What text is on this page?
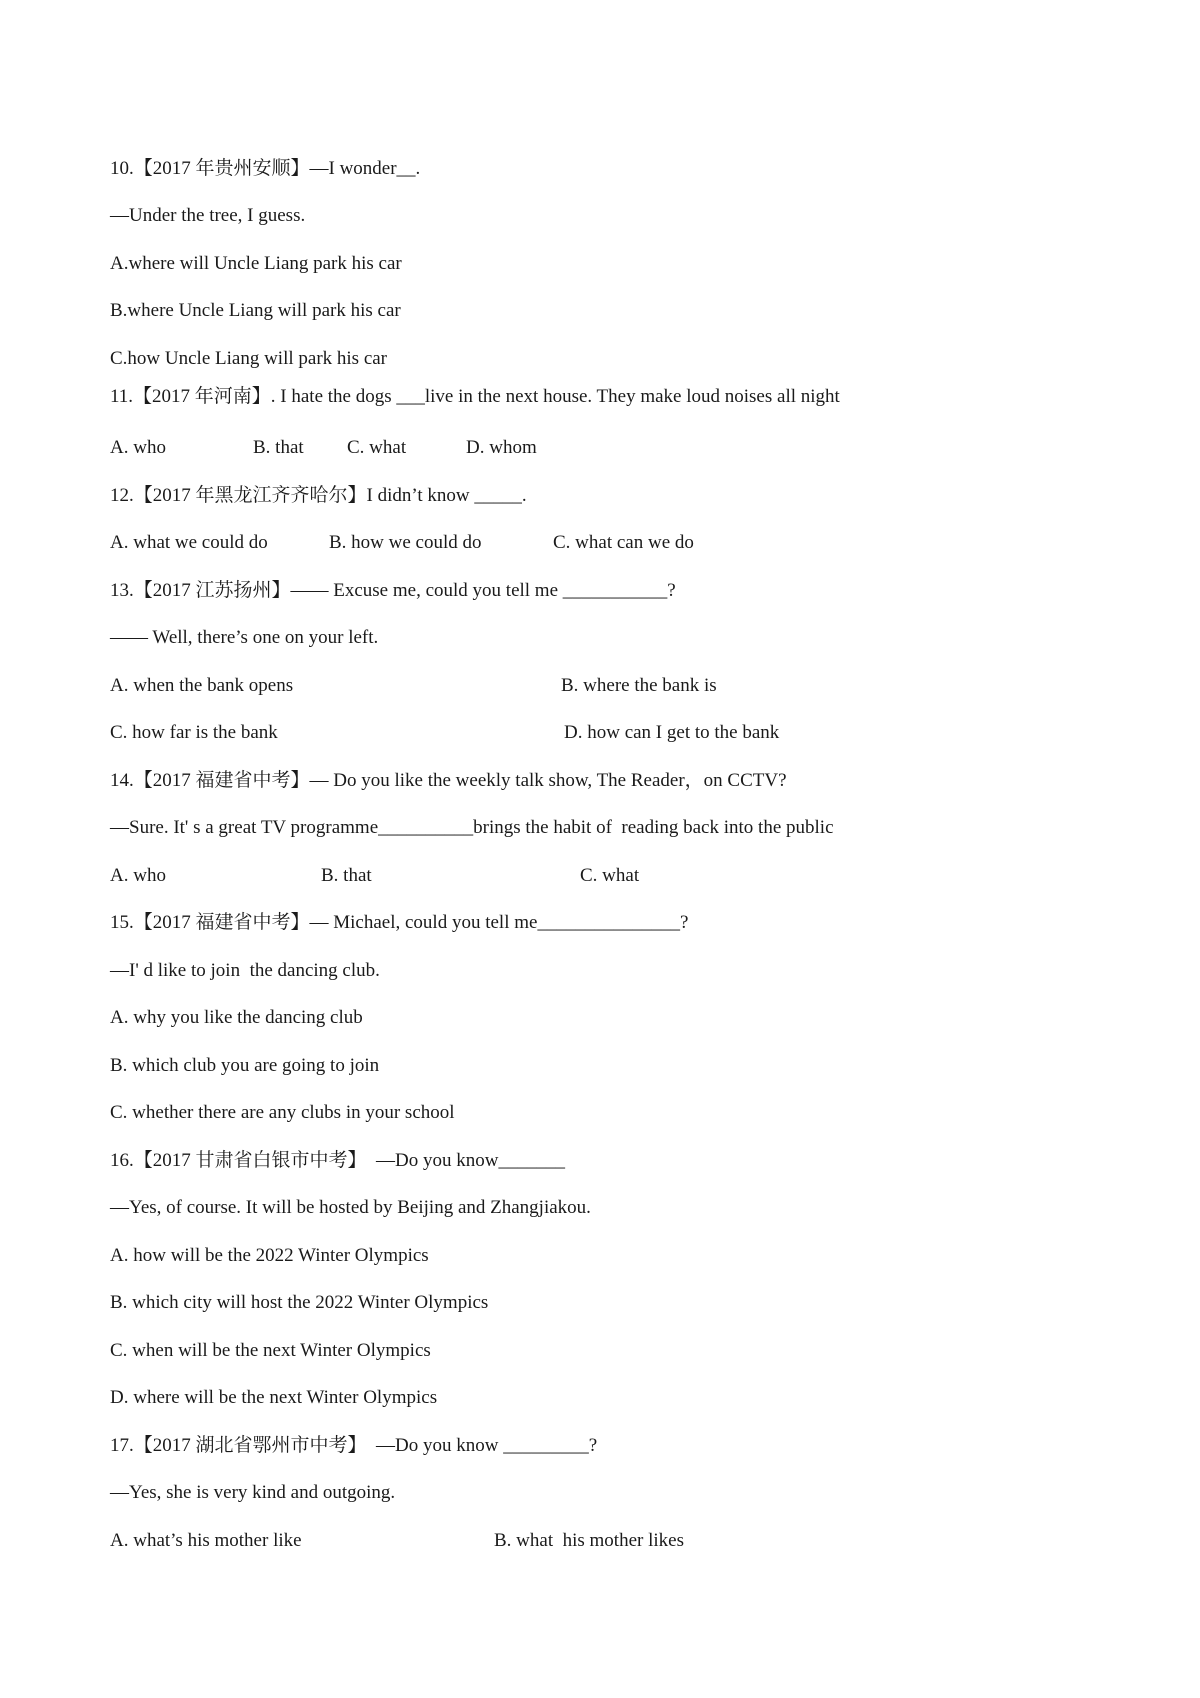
10.【2017 年贵州安顺】—I wonder__.
—Under the tree, I guess.
A.where will Uncle Liang park his car
B.where Uncle Liang will park his car
C.how Uncle Liang will park his car
11.【2017 年河南】. I hate the dogs ___live in the next house. They make loud noises all night
A. who	B. that C. what	D. whom
12.【2017 年黑龙江齐齐哈尔】I didn’t know _____.
A. what we could do	B. how we could do	C. what can we do
13.【2017 江苏扬州】—— Excuse me, could you tell me ___________?
—— Well, there’s one on your left.
A. when the bank opens	B. where the bank is
C. how far is the bank	D. how can I get to the bank
14.【2017 福建省中考】— Do you like the weekly talk show, The Reader，on CCTV?
—Sure. It' s a great TV programme__________brings the habit of  reading back into the public
A. who	B. that	C. what
15.【2017 福建省中考】— Michael, could you tell me_______________?
—I' d like to join  the dancing club.
A. why you like the dancing club
B. which club you are going to join
C. whether there are any clubs in your school
16.【2017 甘肃省白银市中考】  —Do you know_______
—Yes, of course. It will be hosted by Beijing and Zhangjiakou.
A. how will be the 2022 Winter Olympics
B. which city will host the 2022 Winter Olympics
C. when will be the next Winter Olympics
D. where will be the next Winter Olympics
17.【2017 湖北省鄂州市中考】  —Do you know _________?
—Yes, she is very kind and outgoing.
A. what’s his mother like	B. what  his mother likes
